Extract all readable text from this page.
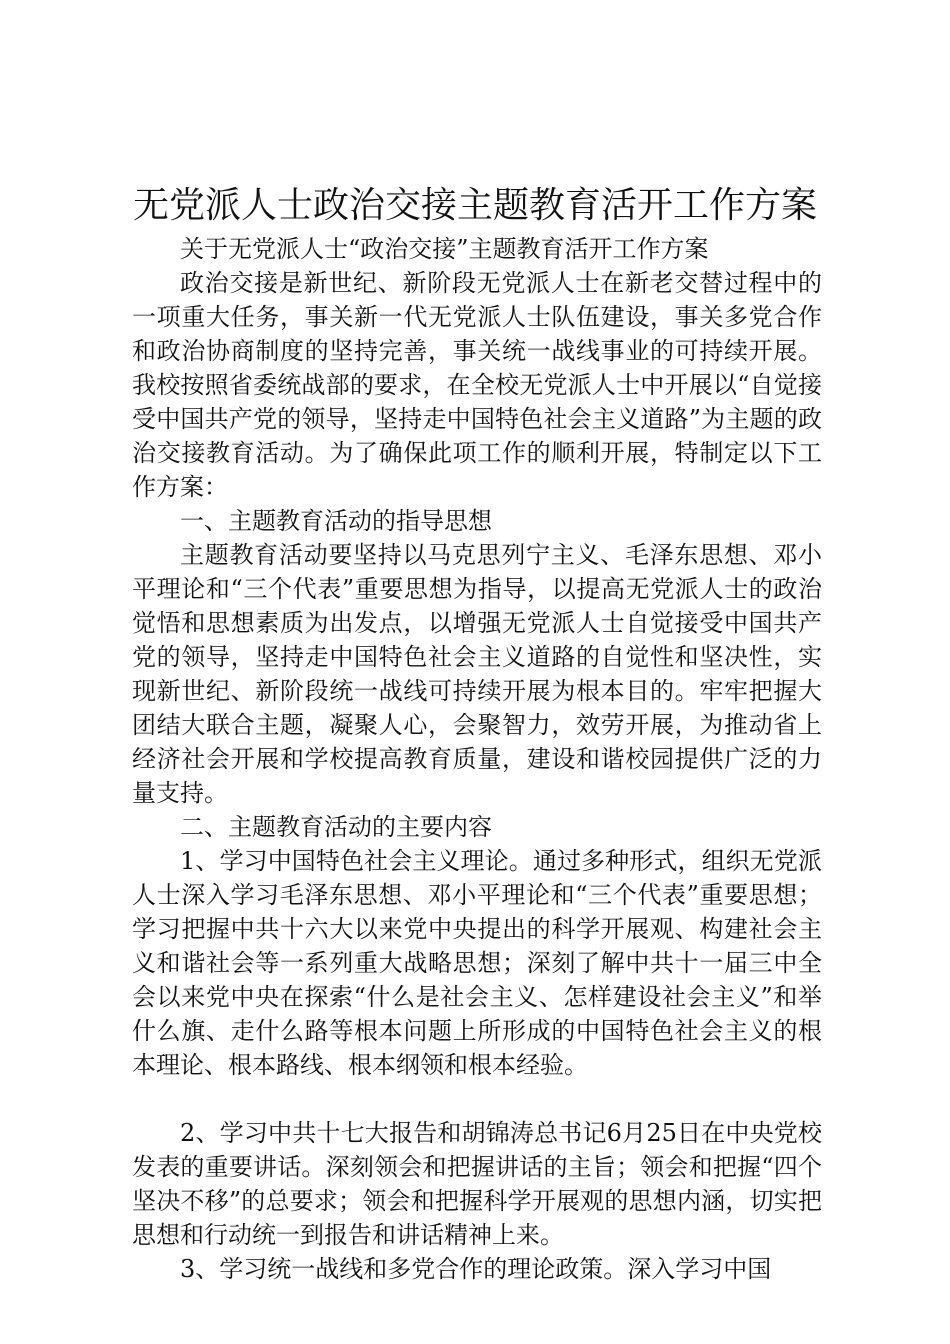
无党派人士政治交接主题教育活开工作方案

关于无党派人士“政治交接”主题教育活开工作方案

政治交接是新世纪、新阶段无党派人士在新老交替过程中的一项重大任务，事关新一代无党派人士队伍建设，事关多党合作和政治协商制度的坚持完善，事关统一战线事业的可持续开展。我校按照省委统战部的要求，在全校无党派人士中开展以“自觉接受中国共产党的领导，坚持走中国特色社会主义道路”为主题的政治交接教育活动。为了确保此项工作的顺利开展，特制定以下工作方案：

一、主题教育活动的指导思想

主题教育活动要坚持以马克思列宁主义、毛泽东思想、邓小平理论和“三个代表”重要思想为指导，以提高无党派人士的政治觉悟和思想素质为出发点，以增强无党派人士自觉接受中国共产党的领导，坚持走中国特色社会主义道路的自觉性和坚决性，实现新世纪、新阶段统一战线可持续开展为根本目的。牢牢把握大团结大联合主题，凝聚人心，会聚智力，效劳开展，为推动省上经济社会开展和学校提高教育质量，建设和谐校园提供广泛的力量支持。

二、主题教育活动的主要内容

1、学习中国特色社会主义理论。通过多种形式，组织无党派人士深入学习毛泽东思想、邓小平理论和“三个代表”重要思想；学习把握中共十六大以来党中央提出的科学开展观、构建社会主义和谐社会等一系列重大战略思想；深刻了解中共十一届三中全会以来党中央在探索“什么是社会主义、怎样建设社会主义”和举什么旗、走什么路等根本问题上所形成的中国特色社会主义的根本理论、根本路线、根本纲领和根本经验。

2、学习中共十七大报告和胡锦涛总书记6月25日在中央党校发表的重要讲话。深刻领会和把握讲话的主旨；领会和把握“四个坚决不移”的总要求；领会和把握科学开展观的思想内涵，切实把思想和行动统一到报告和讲话精神上来。

3、学习统一战线和多党合作的理论政策。深入学习中国
